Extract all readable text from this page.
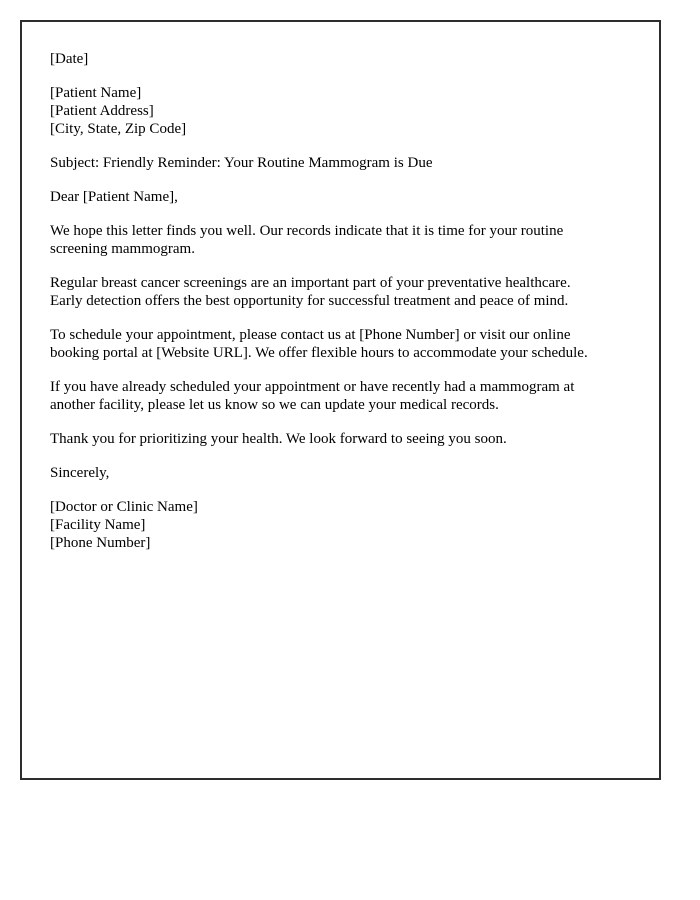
[Date]

[Patient Name]
[Patient Address]
[City, State, Zip Code]

Subject: Friendly Reminder: Your Routine Mammogram is Due

Dear [Patient Name],

We hope this letter finds you well. Our records indicate that it is time for your routine
screening mammogram.

Regular breast cancer screenings are an important part of your preventative healthcare.
Early detection offers the best opportunity for successful treatment and peace of mind.

To schedule your appointment, please contact us at [Phone Number] or visit our online
booking portal at [Website URL]. We offer flexible hours to accommodate your schedule.

If you have already scheduled your appointment or have recently had a mammogram at
another facility, please let us know so we can update your medical records.

Thank you for prioritizing your health. We look forward to seeing you soon.

Sincerely,

[Doctor or Clinic Name]
[Facility Name]
[Phone Number]
